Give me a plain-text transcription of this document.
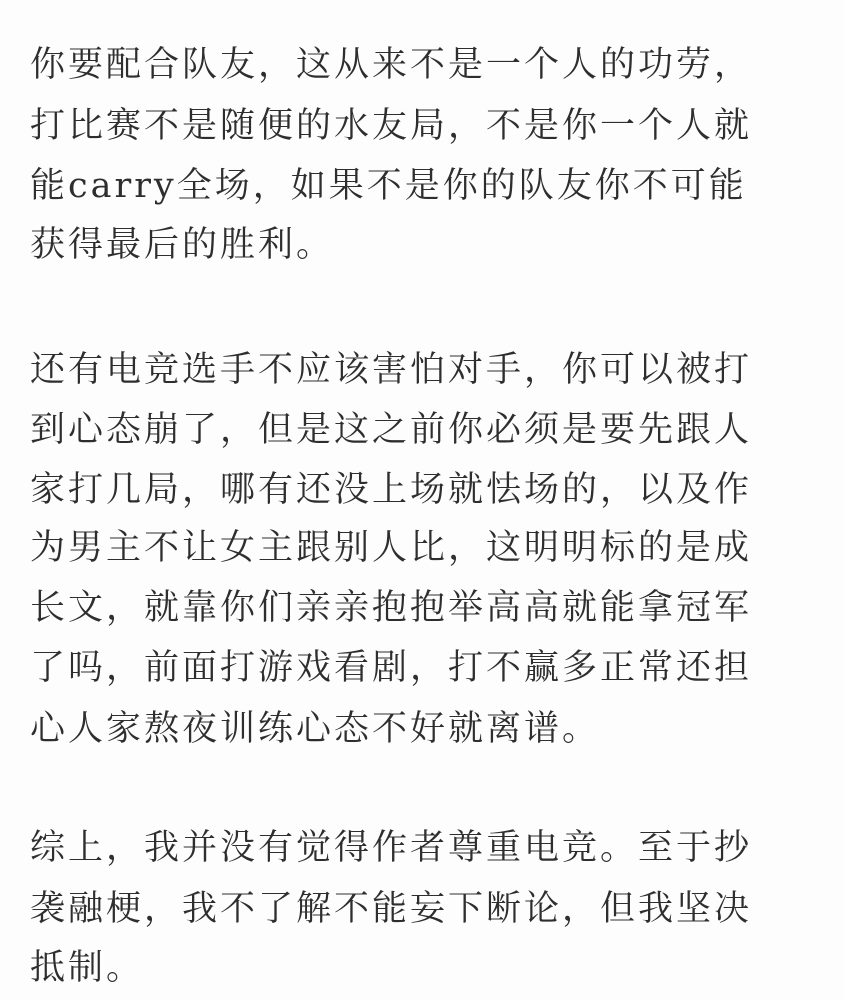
你要配合队友，这从来不是一个人的功劳，
打比赛不是随便的水友局，不是你一个人就
能carry全场，如果不是你的队友你不可能
获得最后的胜利。
还有电竞选手不应该害怕对手，你可以被打
到心态崩了，但是这之前你必须是要先跟人
家打几局，哪有还没上场就怯场的，以及作
为男主不让女主跟别人比，这明明标的是成
长文，就靠你们亲亲抱抱举高高就能拿冠军
了吗，前面打游戏看剧，打不赢多正常还担
心人家熬夜训练心态不好就离谱。
综上，我并没有觉得作者尊重电竞。至于抄
袭融梗，我不了解不能妄下断论，但我坚决
抵制。
